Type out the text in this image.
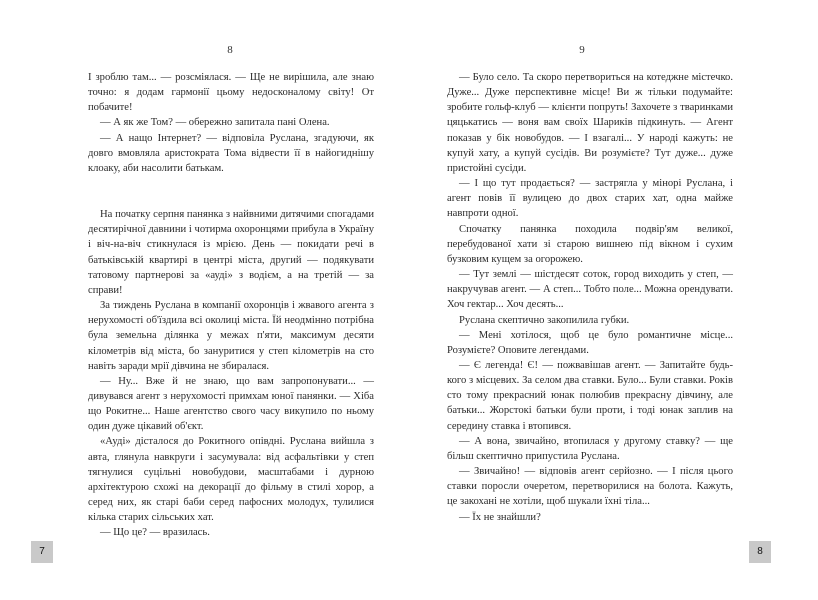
8

І зроблю там... — розсміялася. — Ще не вирішила, але знаю точно: я додам гармонії цьому недосконалому світу! От побачите!

— А як же Том? — обережно запитала пані Олена.

— А нащо Інтернет? — відповіла Руслана, згадуючи, як довго вмовляла аристократа Тома відвести її в найогиднішу клоаку, аби насолити батькам.

На початку серпня панянка з найвними дитячими спогадами десятирічної давнини і чотирма охоронцями прибула в Україну і віч-на-віч стикнулася із мрією. День — покидати речі в батьківській квартирі в центрі міста, другий — подякувати татовому партнерові за «ауді» з водієм, а на третій — за справи!

За тиждень Руслана в компанії охоронців і жвавого агента з нерухомості об'їздила всі околиці міста. Їй неодмінно потрібна була земельна ділянка у межах п'яти, максимум десяти кілометрів від міста, бо зануритися у степ кілометрів на сто навіть заради мрії дівчина не збиралася.

— Ну... Вже й не знаю, що вам запропонувати... — дивувався агент з нерухомості примхам юної панянки. — Хіба що Рокитне... Наше агентство свого часу викупило по ньому один дуже цікавий об'єкт.

«Ауді» дісталося до Рокитного опівдні. Руслана вийшла з авта, глянула навкруги і засумувала: від асфальтівки у степ тягнулися суцільні новобудови, масштабами і дурною архітектурою схожі на декорації до фільму в стилі хорор, а серед них, як старі баби серед пафосних молодух, тулилися кілька старих сільських хат.

— Що це? — вразилась.

9

— Було село. Та скоро перетвориться на котеджне містечко. Дуже... Дуже перспективне місце! Ви ж тільки подумайте: зробите гольф-клуб — клієнти попруть! Захочете з тваринками цяцькатись — воня вам своїх Шариків підкинуть. — Агент показав у бік новобудов. — І взагалі... У народі кажуть: не купуй хату, а купуй сусідів. Ви розумієте? Тут дуже... дуже пристойні сусіди.

— І що тут продається? — застрягла у мінорі Руслана, і агент повів її вулицею до двох старих хат, одна майже навпроти одної.

Спочатку панянка походила подвір'ям великої, перебудованої хати зі старою вишнею під вікном і сухим бузковим кущем за огорожею.

— Тут землі — шістдесят соток, город виходить у степ, — накручував агент. — А степ... Тобто поле... Можна орендувати. Хоч гектар... Хоч десять...

Руслана скептично закопилила губки.

— Мені хотілося, щоб це було романтичне місце... Розумієте? Оповите легендами.

— Є легенда! Є! — пожвавішав агент. — Запитайте будь-кого з місцевих. За селом два ставки. Було... Були ставки. Років сто тому прекрасний юнак полюбив прекрасну дівчину, але батьки... Жорстокі батьки були проти, і тоді юнак заплив на середину ставка і втопився.

— А вона, звичайно, втопилася у другому ставку? — ще більш скептично припустила Руслана.

— Звичайно! — відповів агент серйозно. — І після цього ставки поросли очеретом, перетворилися на болота. Кажуть, це закохані не хотіли, щоб шукали їхні тіла...

— Їх не знайшли?

7	8
